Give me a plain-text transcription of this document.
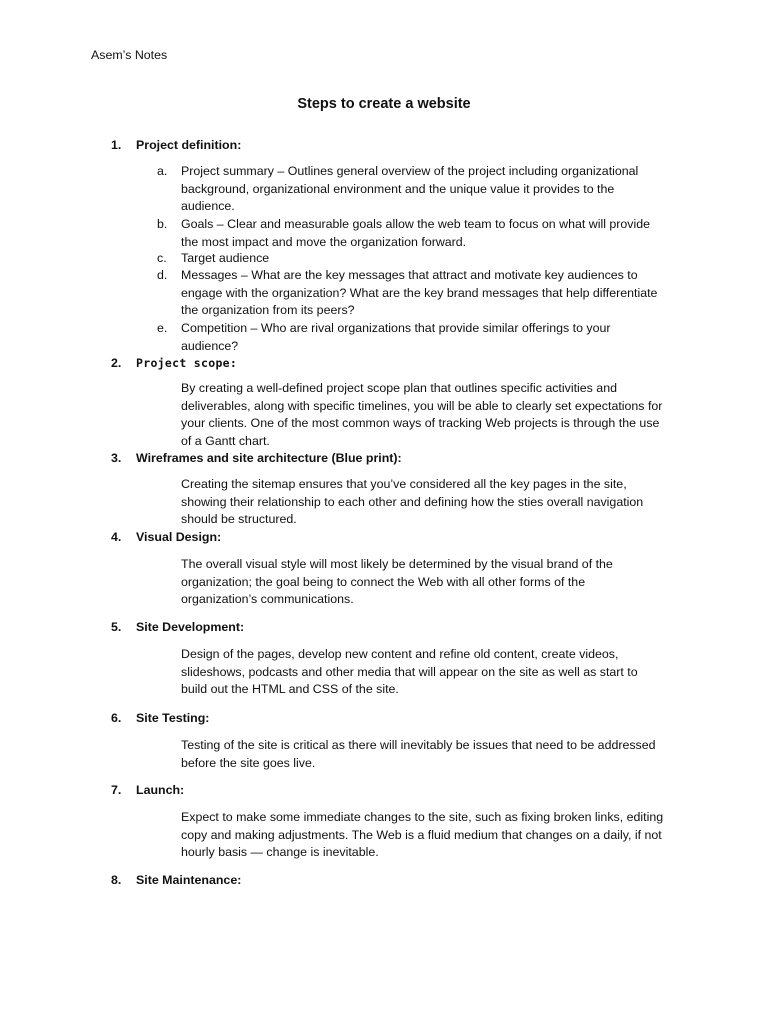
Asem’s Notes
Steps to create a website
1. Project definition:
a. Project summary – Outlines general overview of the project including organizational
background, organizational environment and the unique value it provides to the
audience.
b. Goals – Clear and measurable goals allow the web team to focus on what will provide
the most impact and move the organization forward.
c. Target audience
d. Messages – What are the key messages that attract and motivate key audiences to
engage with the organization? What are the key brand messages that help differentiate
the organization from its peers?
e. Competition – Who are rival organizations that provide similar offerings to your
audience?
2. Project scope:
By creating a well-defined project scope plan that outlines specific activities and
deliverables, along with specific timelines, you will be able to clearly set expectations for
your clients. One of the most common ways of tracking Web projects is through the use
of a Gantt chart.
3. Wireframes and site architecture (Blue print):
Creating the sitemap ensures that you’ve considered all the key pages in the site,
showing their relationship to each other and defining how the sties overall navigation
should be structured.
4. Visual Design:
The overall visual style will most likely be determined by the visual brand of the
organization; the goal being to connect the Web with all other forms of the
organization’s communications.
5. Site Development:
Design of the pages, develop new content and refine old content, create videos,
slideshows, podcasts and other media that will appear on the site as well as start to
build out the HTML and CSS of the site.
6. Site Testing:
Testing of the site is critical as there will inevitably be issues that need to be addressed
before the site goes live.
7. Launch:
Expect to make some immediate changes to the site, such as fixing broken links, editing
copy and making adjustments. The Web is a fluid medium that changes on a daily, if not
hourly basis — change is inevitable.
8. Site Maintenance:
